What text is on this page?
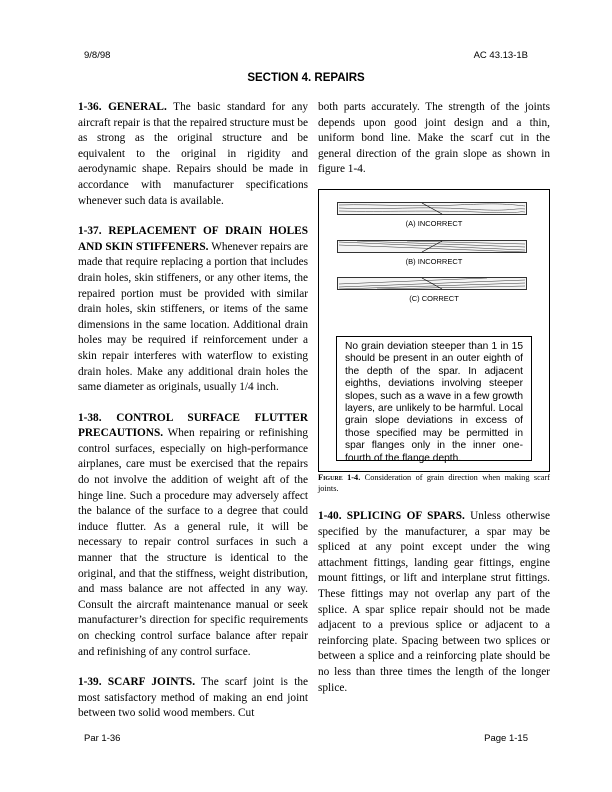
9/8/98	AC 43.13-1B
SECTION 4. REPAIRS

1-36. GENERAL. The basic standard for any aircraft repair is that the repaired structure must be as strong as the original structure and be equivalent to the original in rigidity and aerodynamic shape. Repairs should be made in accordance with manufacturer specifications whenever such data is available.

1-37. REPLACEMENT OF DRAIN HOLES AND SKIN STIFFENERS. Whenever repairs are made that require replacing a portion that includes drain holes, skin stiffeners, or any other items, the repaired portion must be provided with similar drain holes, skin stiffeners, or items of the same dimensions in the same location. Additional drain holes may be required if reinforcement under a skin repair interferes with waterflow to existing drain holes. Make any additional drain holes the same diameter as originals, usually 1/4 inch.

1-38. CONTROL SURFACE FLUTTER PRECAUTIONS. When repairing or refinishing control surfaces, especially on high-performance airplanes, care must be exercised that the repairs do not involve the addition of weight aft of the hinge line. Such a procedure may adversely affect the balance of the surface to a degree that could induce flutter. As a general rule, it will be necessary to repair control surfaces in such a manner that the structure is identical to the original, and that the stiffness, weight distribution, and mass balance are not affected in any way. Consult the aircraft maintenance manual or seek manufacturer’s direction for specific requirements on checking control surface balance after repair and refinishing of any control surface.

1-39. SCARF JOINTS. The scarf joint is the most satisfactory method of making an end joint between two solid wood members. Cut

both parts accurately. The strength of the joints depends upon good joint design and a thin, uniform bond line. Make the scarf cut in the general direction of the grain slope as shown in figure 1-4.

(A) INCORRECT
(B) INCORRECT
(C) CORRECT
No grain deviation steeper than 1 in 15 should be present in an outer eighth of the depth of the spar. In adjacent eighths, deviations involving steeper slopes, such as a wave in a few growth layers, are unlikely to be harmful. Local grain slope deviations in excess of those specified may be permitted in spar flanges only in the inner one-fourth of the flange depth.

Figure 1-4. Consideration of grain direction when making scarf joints.

1-40. SPLICING OF SPARS. Unless otherwise specified by the manufacturer, a spar may be spliced at any point except under the wing attachment fittings, landing gear fittings, engine mount fittings, or lift and interplane strut fittings. These fittings may not overlap any part of the splice. A spar splice repair should not be made adjacent to a previous splice or adjacent to a reinforcing plate. Spacing between two splices or between a splice and a reinforcing plate should be no less than three times the length of the longer splice.

Par 1-36	Page 1-15
